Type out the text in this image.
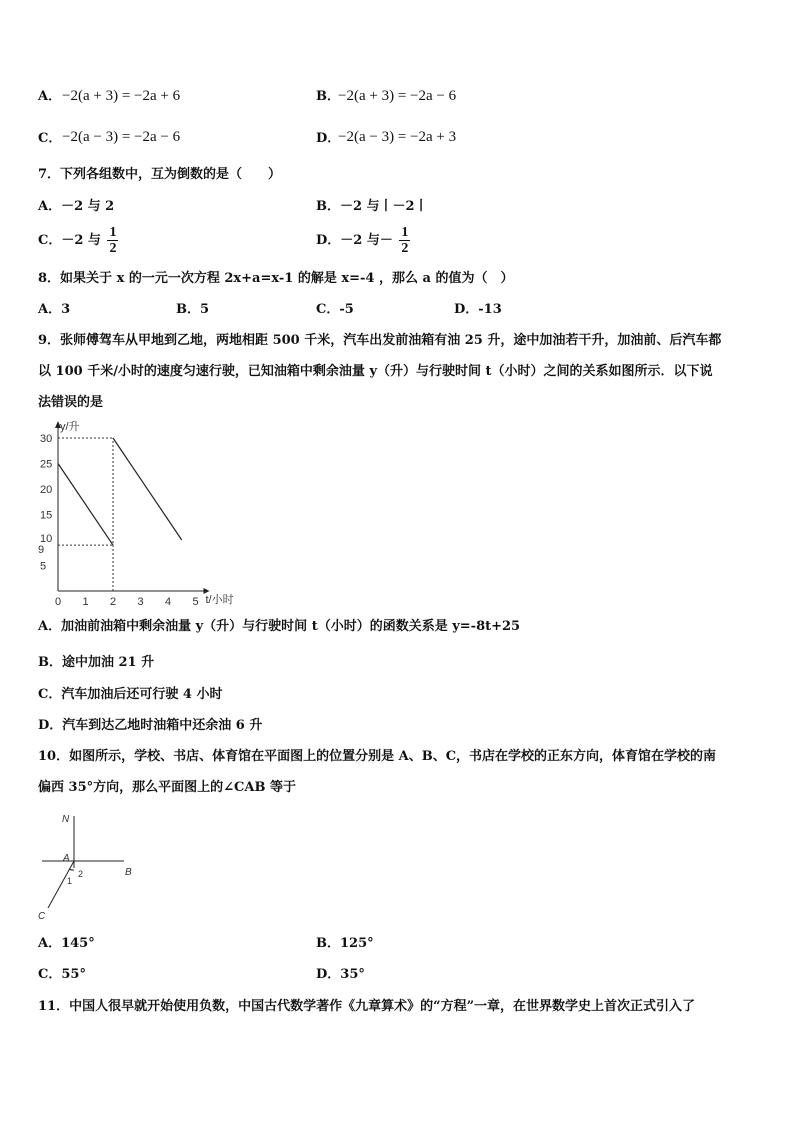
A． −2(a + 3) = −2a + 6	B．
−2(a + 3) = −2a − 6
C． −2(a − 3) = −2a − 6	D．
−2(a − 3) = −2a + 3
7．下列各组数中，互为倒数的是（　　）
A．－2 与 2	B．－2 与丨－2丨
C．－2 与 $\frac{1}{2}$	D．－2 与－ $\frac{1}{2}$
8．如果关于 x 的一元一次方程 2x+a=x-1 的解是 x=-4 ，那么 a 的值为（　）
A．3	B．5	C．-5	D．-13
9．张师傅驾车从甲地到乙地，两地相距 500 千米，汽车出发前油箱有油 25 升，途中加油若干升，加油前、后汽车都
以 100 千米/小时的速度匀速行驶，已知油箱中剩余油量 y（升）与行驶时间 t（小时）之间的关系如图所示．以下说
法错误的是
y/升
t/小时
0 1 2 3 4 5
5
9
10
15
20
25
30
A．加油前油箱中剩余油量 y（升）与行驶时间 t（小时）的函数关系是 y=-8t+25
B．途中加油 21 升
C．汽车加油后还可行驶 4 小时
D．汽车到达乙地时油箱中还余油 6 升
10．如图所示，学校、书店、体育馆在平面图上的位置分别是 A、B、C，书店在学校的正东方向，体育馆在学校的南
偏西 35°方向，那么平面图上的∠CAB 等于
N
A
B
C
1
2
A．145°	B．125°
C．55°	D．35°
11．中国人很早就开始使用负数，中国古代数学著作《九章算术》的“方程”一章，在世界数学史上首次正式引入了
